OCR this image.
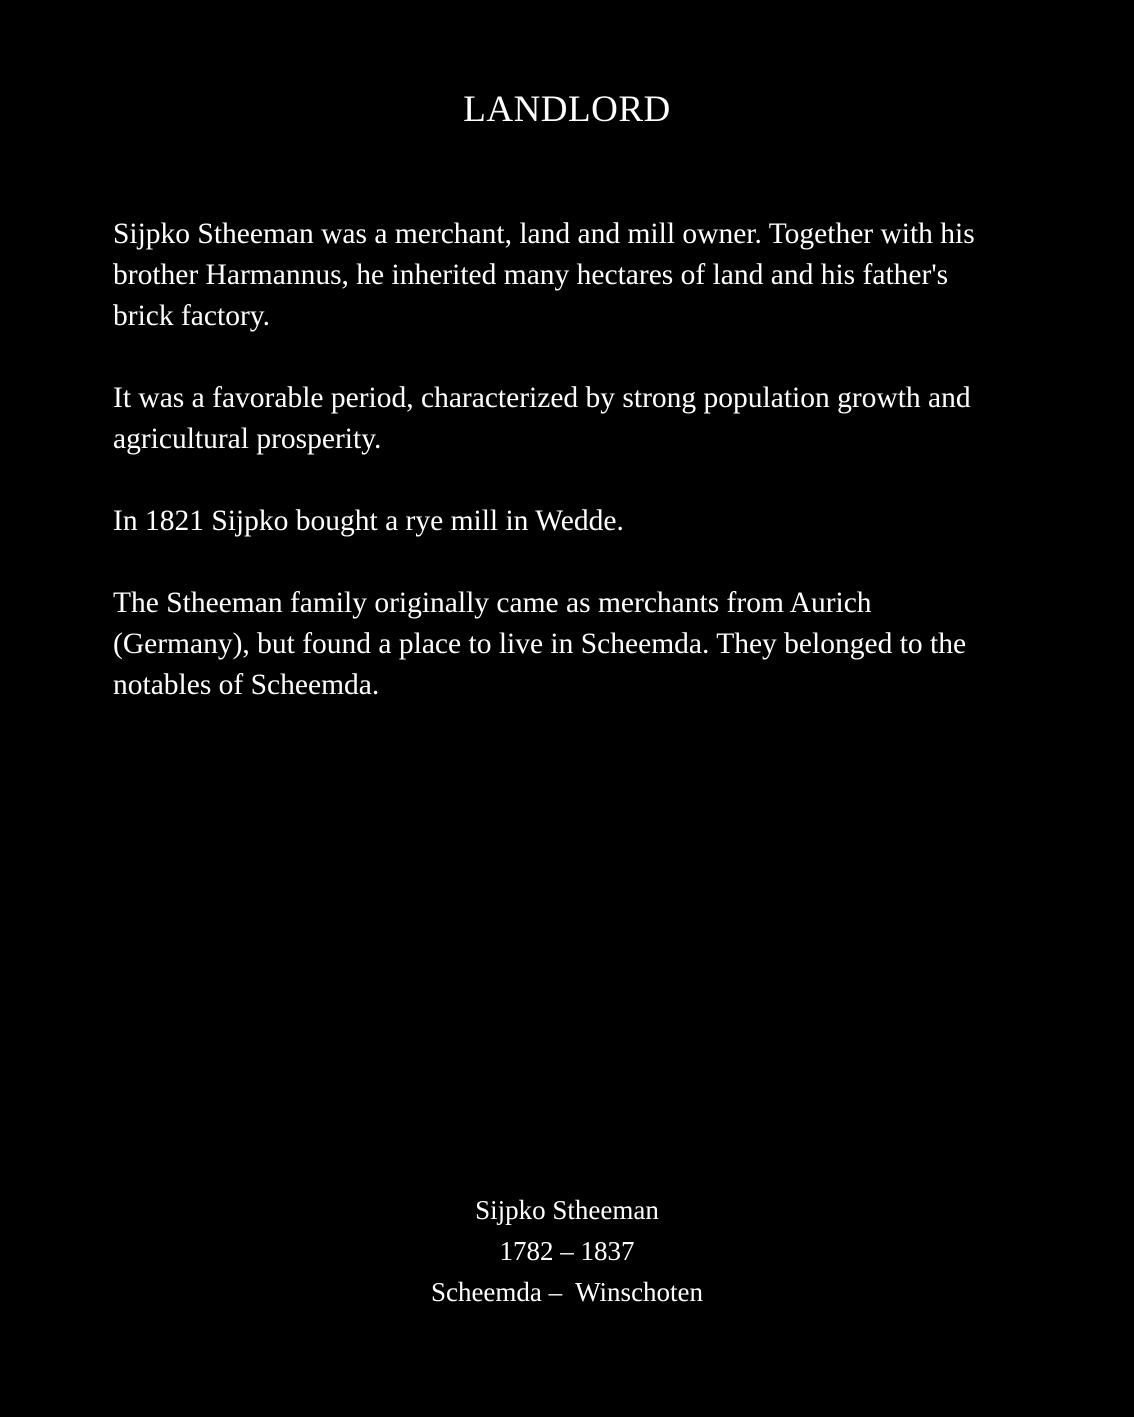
LANDLORD

Sijpko Stheeman was a merchant, land and mill owner. Together with his brother Harmannus, he inherited many hectares of land and his father's brick factory.

It was a favorable period, characterized by strong population growth and agricultural prosperity.

In 1821 Sijpko bought a rye mill in Wedde.

The Stheeman family originally came as merchants from Aurich (Germany), but found a place to live in Scheemda. They belonged to the notables of Scheemda.

Sijpko Stheeman
1782 – 1837
Scheemda –  Winschoten
